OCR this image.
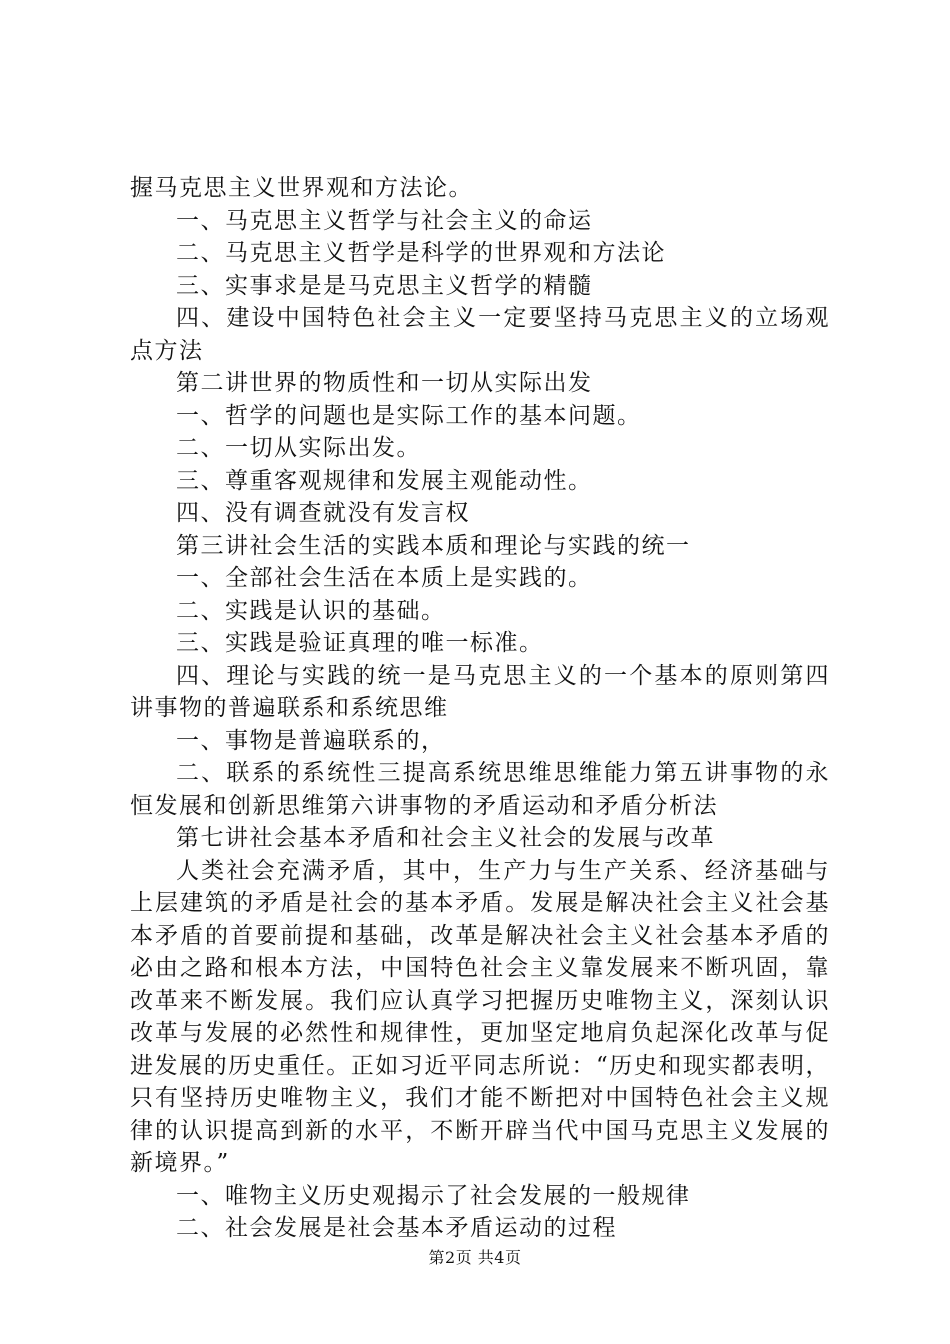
握马克思主义世界观和方法论。

一、马克思主义哲学与社会主义的命运

二、马克思主义哲学是科学的世界观和方法论

三、实事求是是马克思主义哲学的精髓

四、建设中国特色社会主义一定要坚持马克思主义的立场观点方法

第二讲世界的物质性和一切从实际出发

一、哲学的问题也是实际工作的基本问题。

二、一切从实际出发。

三、尊重客观规律和发展主观能动性。

四、没有调查就没有发言权

第三讲社会生活的实践本质和理论与实践的统一

一、全部社会生活在本质上是实践的。

二、实践是认识的基础。

三、实践是验证真理的唯一标准。

四、理论与实践的统一是马克思主义的一个基本的原则第四讲事物的普遍联系和系统思维

一、事物是普遍联系的，

二、联系的系统性三提高系统思维思维能力第五讲事物的永恒发展和创新思维第六讲事物的矛盾运动和矛盾分析法

第七讲社会基本矛盾和社会主义社会的发展与改革

人类社会充满矛盾，其中，生产力与生产关系、经济基础与上层建筑的矛盾是社会的基本矛盾。发展是解决社会主义社会基本矛盾的首要前提和基础，改革是解决社会主义社会基本矛盾的必由之路和根本方法，中国特色社会主义靠发展来不断巩固，靠改革来不断发展。我们应认真学习把握历史唯物主义，深刻认识改革与发展的必然性和规律性，更加坚定地肩负起深化改革与促进发展的历史重任。正如习近平同志所说：“历史和现实都表明，只有坚持历史唯物主义，我们才能不断把对中国特色社会主义规律的认识提高到新的水平，不断开辟当代中国马克思主义发展的新境界。”

一、唯物主义历史观揭示了社会发展的一般规律

二、社会发展是社会基本矛盾运动的过程

第2页 共4页
